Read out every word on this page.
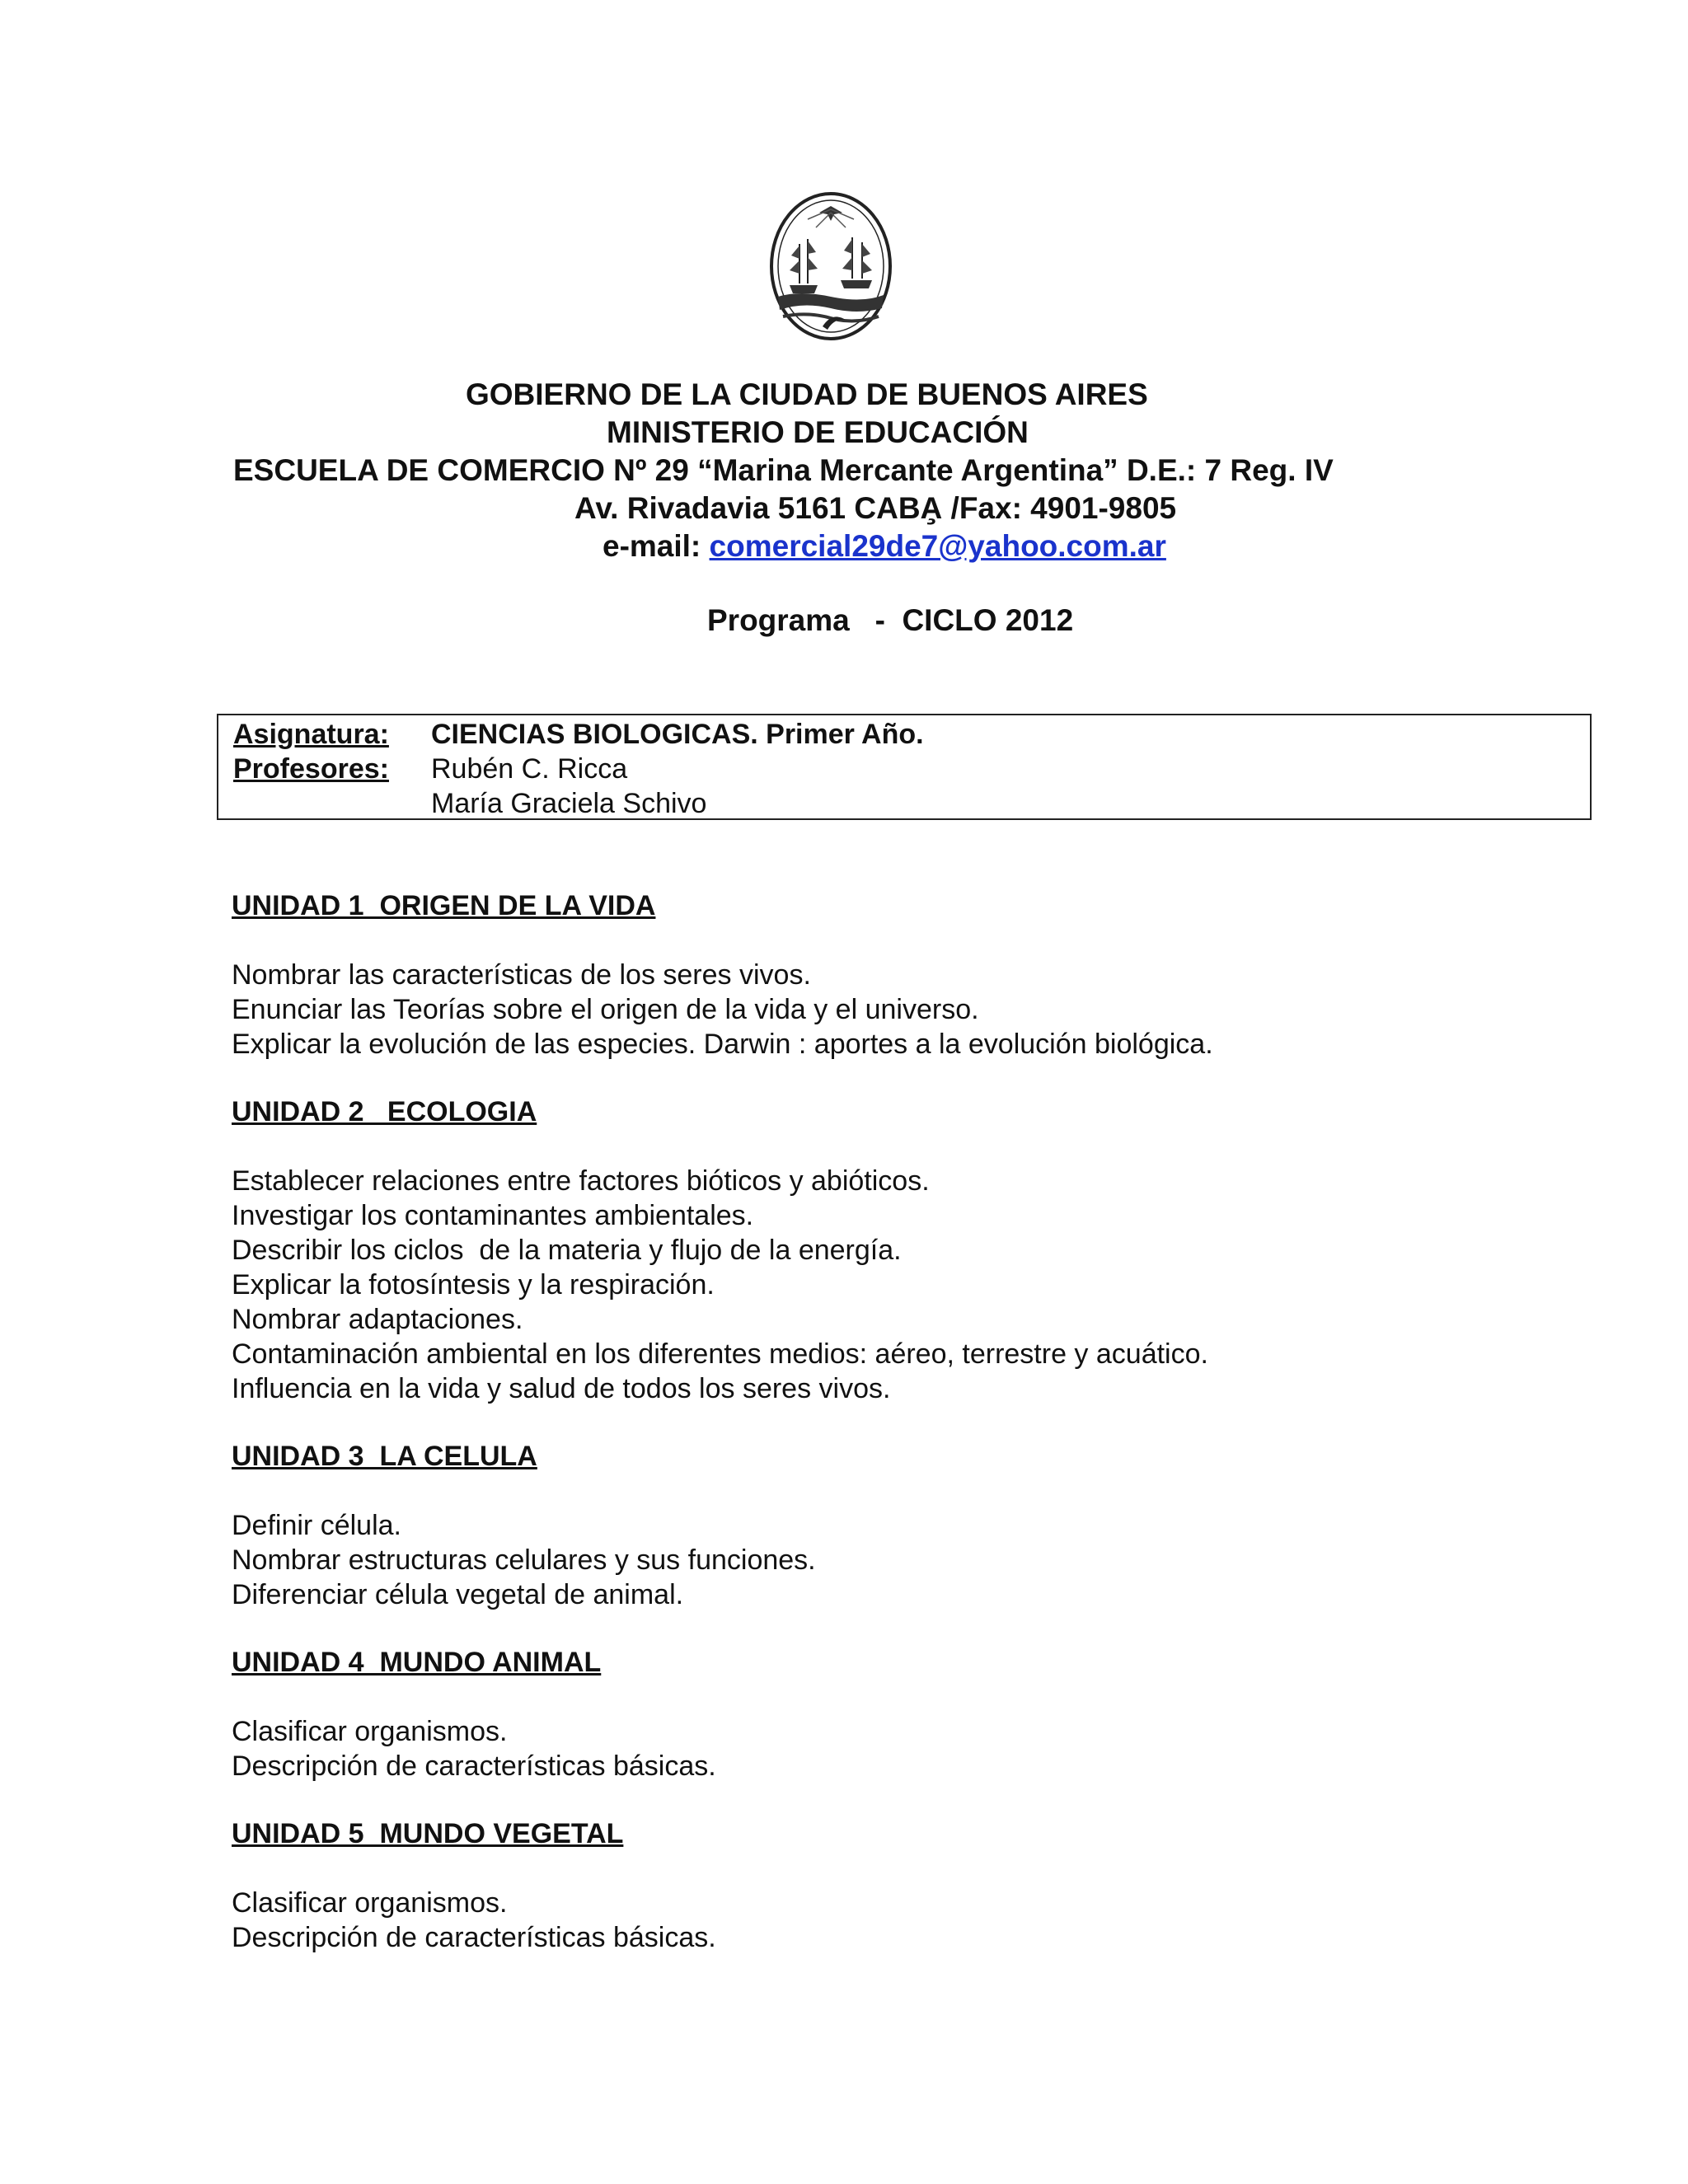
GOBIERNO DE LA CIUDAD DE BUENOS AIRES
MINISTERIO DE EDUCACIÓN
ESCUELA DE COMERCIO Nº 29 “Marina Mercante Argentina” D.E.: 7 Reg. IV
Av. Rivadavia 5161 CABA̧ /Fax: 4901-9805
e-mail: comercial29de7@yahoo.com.ar
Programa   -  CICLO 2012
Asignatura: CIENCIAS BIOLOGICAS. Primer Año.
Profesores: Rubén C. Ricca
María Graciela Schivo
UNIDAD 1  ORIGEN DE LA VIDA
Nombrar las características de los seres vivos.
Enunciar las Teorías sobre el origen de la vida y el universo.
Explicar la evolución de las especies. Darwin : aportes a la evolución biológica.
UNIDAD 2   ECOLOGIA
Establecer relaciones entre factores bióticos y abióticos.
Investigar los contaminantes ambientales.
Describir los ciclos  de la materia y flujo de la energía.
Explicar la fotosíntesis y la respiración.
Nombrar adaptaciones.
Contaminación ambiental en los diferentes medios: aéreo, terrestre y acuático.
Influencia en la vida y salud de todos los seres vivos.
UNIDAD 3  LA CELULA
Definir célula.
Nombrar estructuras celulares y sus funciones.
Diferenciar célula vegetal de animal.
UNIDAD 4  MUNDO ANIMAL
Clasificar organismos.
Descripción de características básicas.
UNIDAD 5  MUNDO VEGETAL
Clasificar organismos.
Descripción de características básicas.
